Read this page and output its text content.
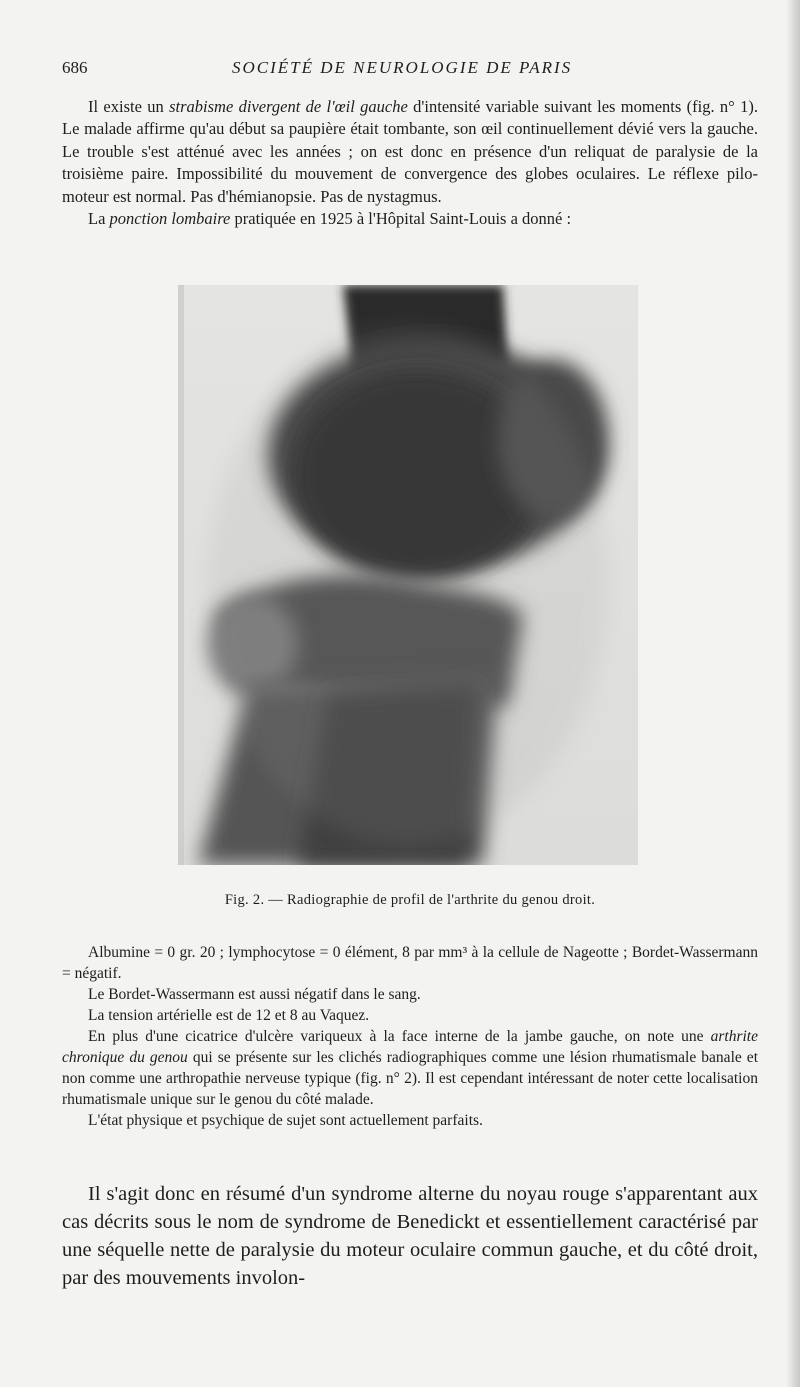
686	SOCIÉTÉ DE NEUROLOGIE DE PARIS

Il existe un strabisme divergent de l'œil gauche d'intensité variable suivant les moments (fig. n° 1). Le malade affirme qu'au début sa paupière était tombante, son œil continuellement dévié vers la gauche. Le trouble s'est atténué avec les années ; on est donc en présence d'un reliquat de paralysie de la troisième paire. Impossibilité du mouvement de convergence des globes oculaires. Le réflexe pilo-moteur est normal. Pas d'hémianopsie. Pas de nystagmus.

La ponction lombaire pratiquée en 1925 à l'Hôpital Saint-Louis a donné :

Fig. 2. — Radiographie de profil de l'arthrite du genou droit.

Albumine = 0 gr. 20 ; lymphocytose = 0 élément, 8 par mm³ à la cellule de Nageotte ; Bordet-Wassermann = négatif.

Le Bordet-Wassermann est aussi négatif dans le sang.

La tension artérielle est de 12 et 8 au Vaquez.

En plus d'une cicatrice d'ulcère variqueux à la face interne de la jambe gauche, on note une arthrite chronique du genou qui se présente sur les clichés radiographiques comme une lésion rhumatismale banale et non comme une arthropathie nerveuse typique (fig. n° 2). Il est cependant intéressant de noter cette localisation rhumatismale unique sur le genou du côté malade.

L'état physique et psychique de sujet sont actuellement parfaits.

Il s'agit donc en résumé d'un syndrome alterne du noyau rouge s'apparentant aux cas décrits sous le nom de syndrome de Benedickt et essentiellement caractérisé par une séquelle nette de paralysie du moteur oculaire commun gauche, et du côté droit, par des mouvements involon-
